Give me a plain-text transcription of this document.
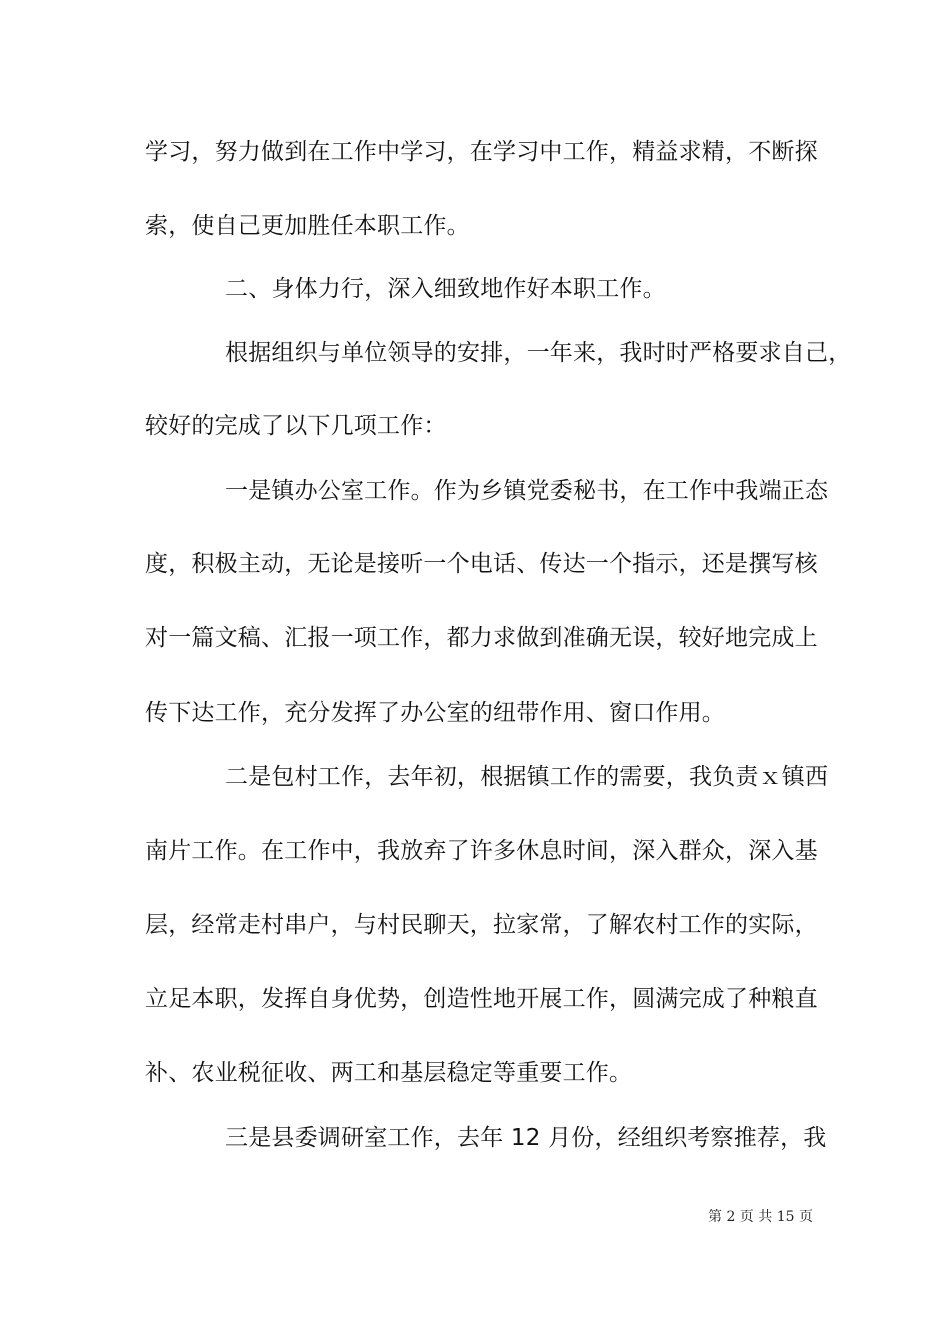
学习，努力做到在工作中学习，在学习中工作，精益求精，不断探
索，使自己更加胜任本职工作。
二、身体力行，深入细致地作好本职工作。
根据组织与单位领导的安排，一年来，我时时严格要求自己，
较好的完成了以下几项工作：
一是镇办公室工作。作为乡镇党委秘书，在工作中我端正态
度，积极主动，无论是接听一个电话、传达一个指示，还是撰写核
对一篇文稿、汇报一项工作，都力求做到准确无误，较好地完成上
传下达工作，充分发挥了办公室的纽带作用、窗口作用。
二是包村工作，去年初，根据镇工作的需要，我负责ｘ镇西
南片工作。在工作中，我放弃了许多休息时间，深入群众，深入基
层，经常走村串户，与村民聊天，拉家常，了解农村工作的实际，
立足本职，发挥自身优势，创造性地开展工作，圆满完成了种粮直
补、农业税征收、两工和基层稳定等重要工作。
三是县委调研室工作，去年 12 月份，经组织考察推荐，我
第 2 页 共 15 页
